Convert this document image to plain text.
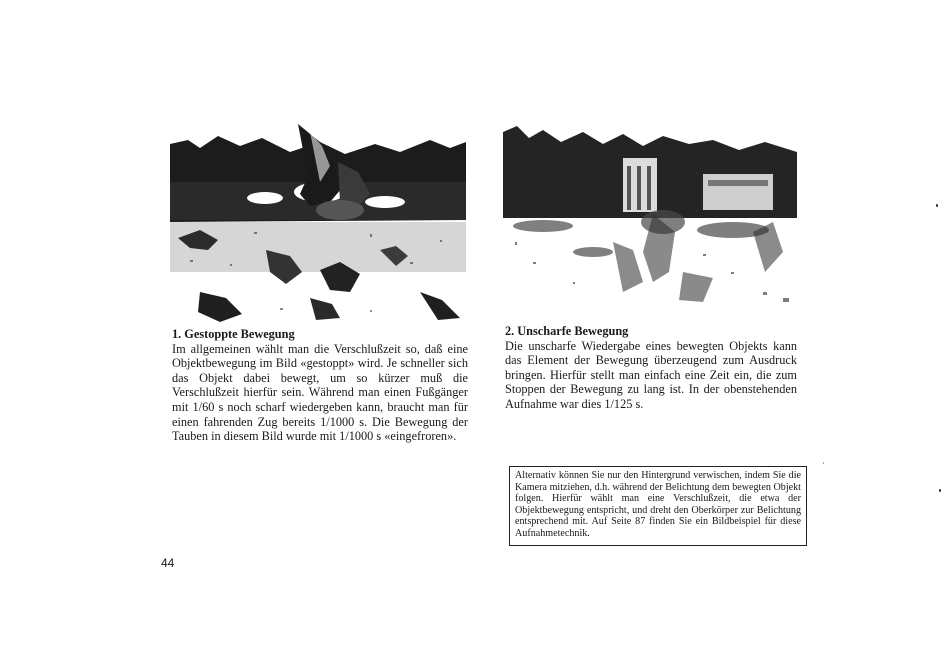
1. Gestoppte Bewegung
Im allgemeinen wählt man die Verschlußzeit so, daß eine Objektbewegung im Bild «gestoppt» wird. Je schneller sich das Objekt dabei bewegt, um so kürzer muß die Verschlußzeit hierfür sein. Während man einen Fußgänger mit 1/60 s noch scharf wiedergeben kann, braucht man für einen fahrenden Zug bereits 1/1000 s. Die Bewegung der Tauben in diesem Bild wurde mit 1/1000 s «eingefroren».
2. Unscharfe Bewegung
Die unscharfe Wiedergabe eines bewegten Objekts kann das Element der Bewegung überzeugend zum Ausdruck bringen. Hierfür stellt man einfach eine Zeit ein, die zum Stoppen der Bewegung zu lang ist. In der obenstehenden Aufnahme war dies 1/125 s.
Alternativ können Sie nur den Hintergrund verwischen, indem Sie die Kamera mitziehen, d.h. während der Belichtung dem bewegten Objekt folgen. Hierfür wählt man eine Verschlußzeit, die etwa der Objektbewegung entspricht, und dreht den Oberkörper zur Belichtung entsprechend mit. Auf Seite 87 finden Sie ein Bildbeispiel für diese Aufnahmetechnik.
44
